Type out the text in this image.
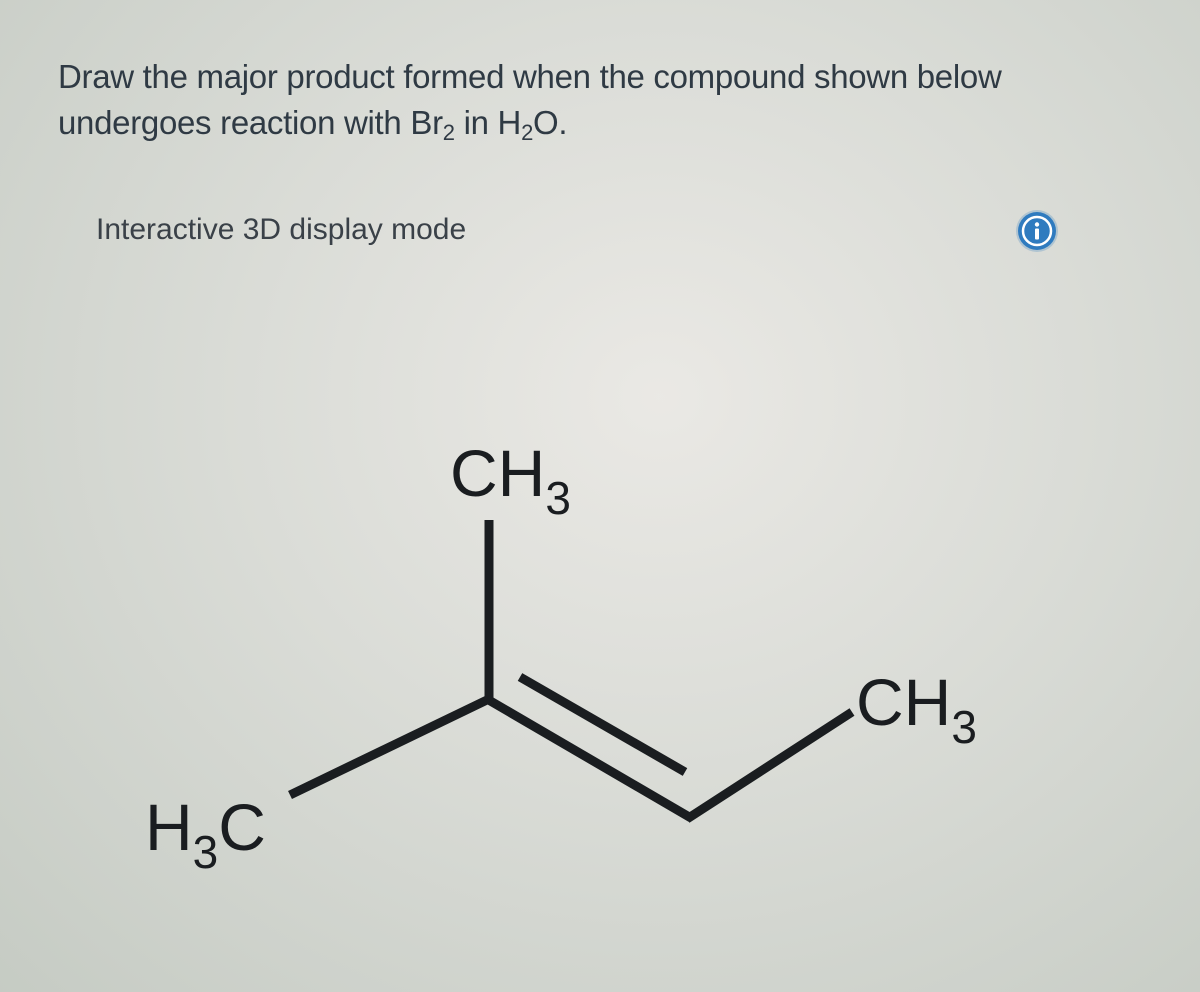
Draw the major product formed when the compound shown below
undergoes reaction with $Br_2$ in $H_2O$.

Interactive 3D display mode
$CH_3$
$CH_3$
$H_3C$
